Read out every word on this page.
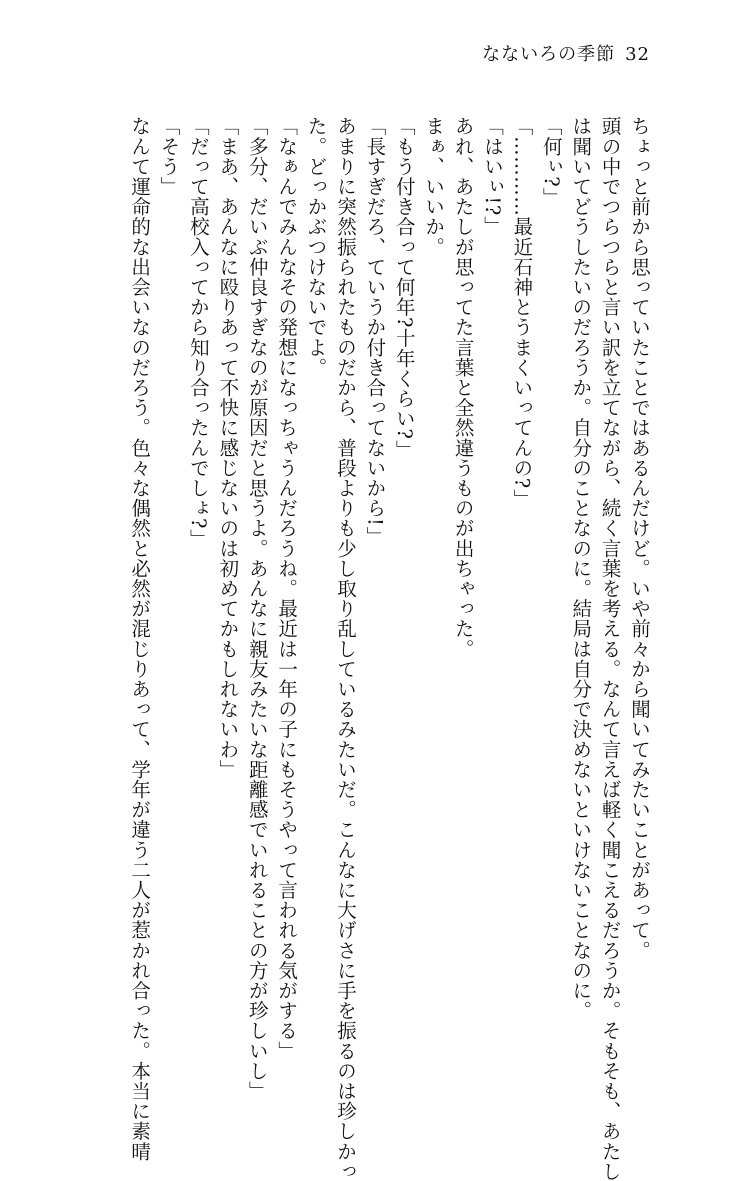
なないろの季節 32
ちょっと前から思っていたことではあるんだけど。いや前々から聞いてみたいことがあって。
頭の中でつらつらと言い訳を立てながら、続く言葉を考える。なんて言えば軽く聞こえるだろうか。そもそも、あたし
は聞いてどうしたいのだろうか。自分のことなのに。結局は自分で決めないといけないことなのに。
「何ぃ?」
「…………最近石神とうまくいってんの?」
「はいぃ!?」
あれ、あたしが思ってた言葉と全然違うものが出ちゃった。
まぁ、いいか。
「もう付き合って何年?十年くらい?」
「長すぎだろ、ていうか付き合ってないから!」
あまりに突然振られたものだから、普段よりも少し取り乱しているみたいだ。こんなに大げさに手を振るのは珍しかっ
た。どっかぶつけないでよ。
「なぁんでみんなその発想になっちゃうんだろうね。最近は一年の子にもそうやって言われる気がする」
「多分、だいぶ仲良すぎなのが原因だと思うよ。あんなに親友みたいな距離感でいれることの方が珍しいし」
「まあ、あんなに殴りあって不快に感じないのは初めてかもしれないわ」
「だって高校入ってから知り合ったんでしょ?」
「そう」
なんて運命的な出会いなのだろう。色々な偶然と必然が混じりあって、学年が違う二人が惹かれ合った。本当に素晴
